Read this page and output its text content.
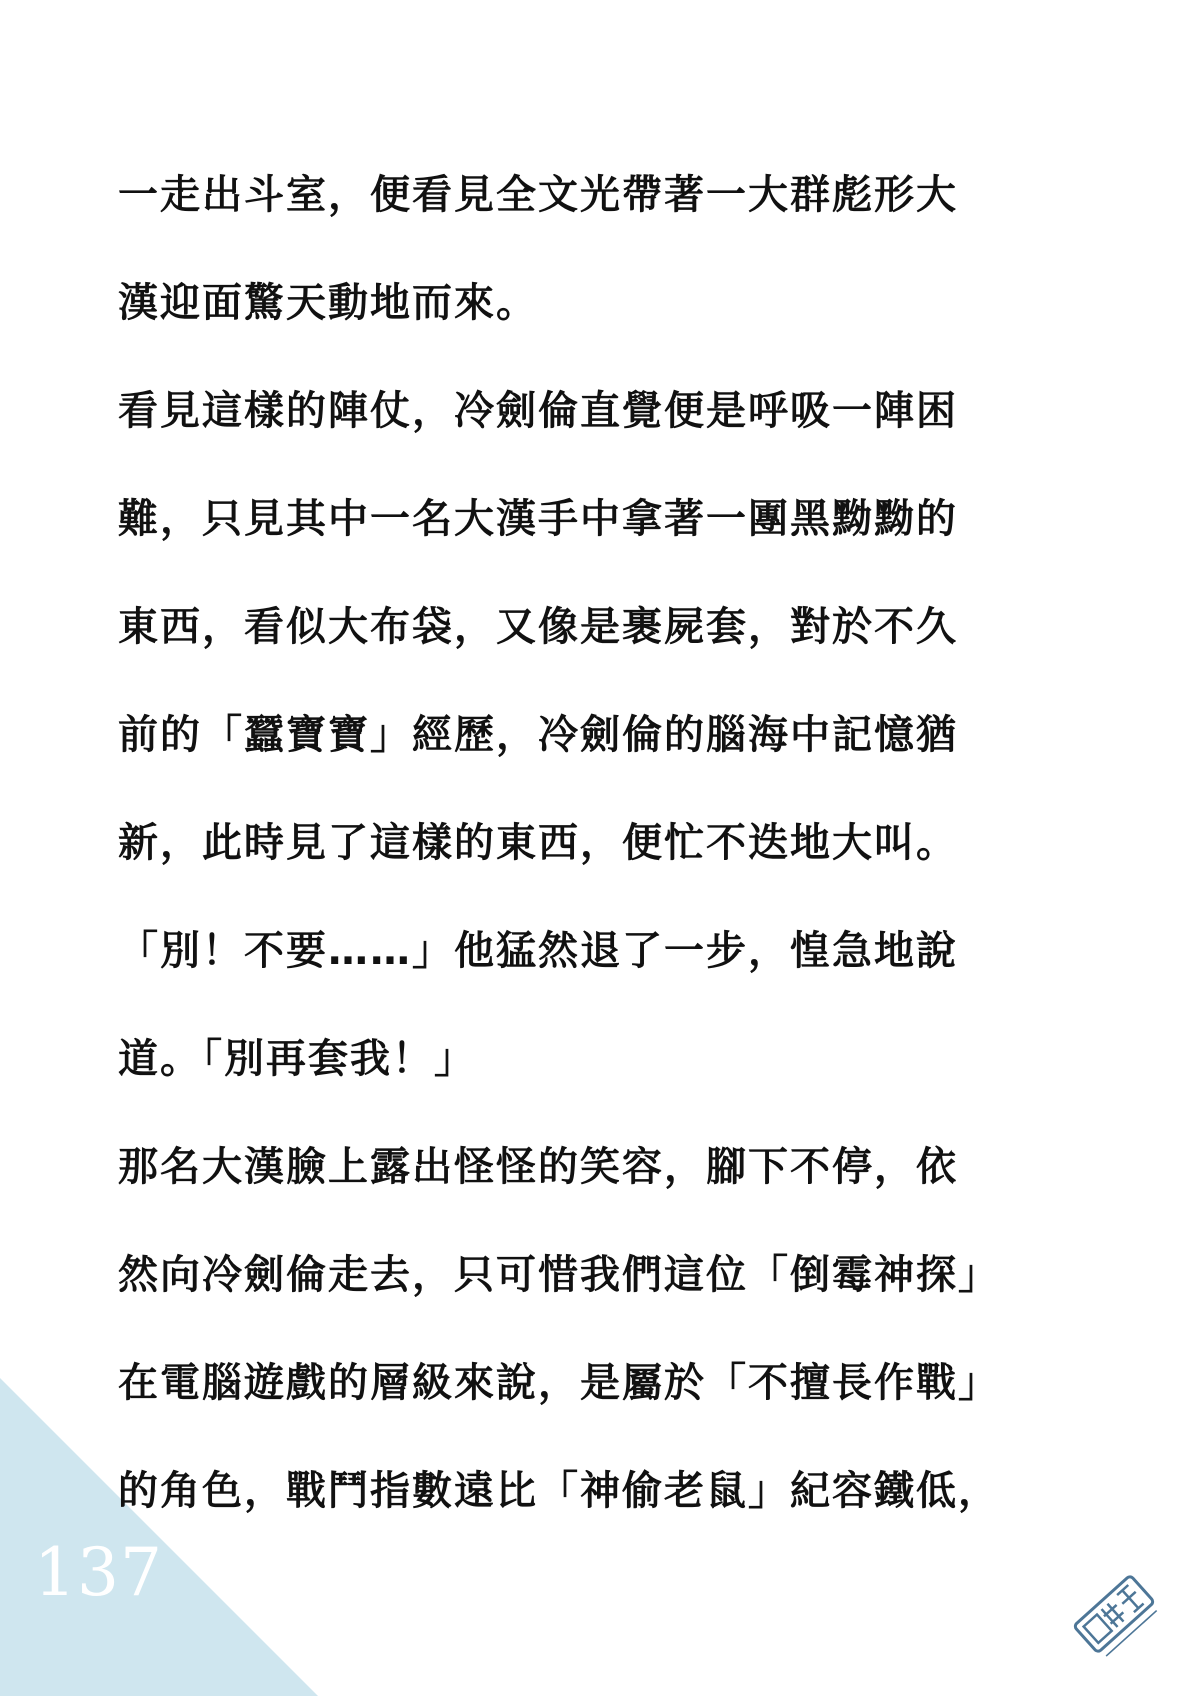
一走出斗室，便看見全文光帶著一大群彪形大
漢迎面驚天動地而來。
看見這樣的陣仗，冷劍倫直覺便是呼吸一陣困
難，只見其中一名大漢手中拿著一團黑黝黝的
東西，看似大布袋，又像是裹屍套，對於不久
前的「蠶寶寶」經歷，冷劍倫的腦海中記憶猶
新，此時見了這樣的東西，便忙不迭地大叫。
「別！不要……」他猛然退了一步，惶急地說
道。「別再套我！」
那名大漢臉上露出怪怪的笑容，腳下不停，依
然向冷劍倫走去，只可惜我們這位「倒霉神探」
在電腦遊戲的層級來說，是屬於「不擅長作戰」
的角色，戰鬥指數遠比「神偷老鼠」紀容鐵低，
137
